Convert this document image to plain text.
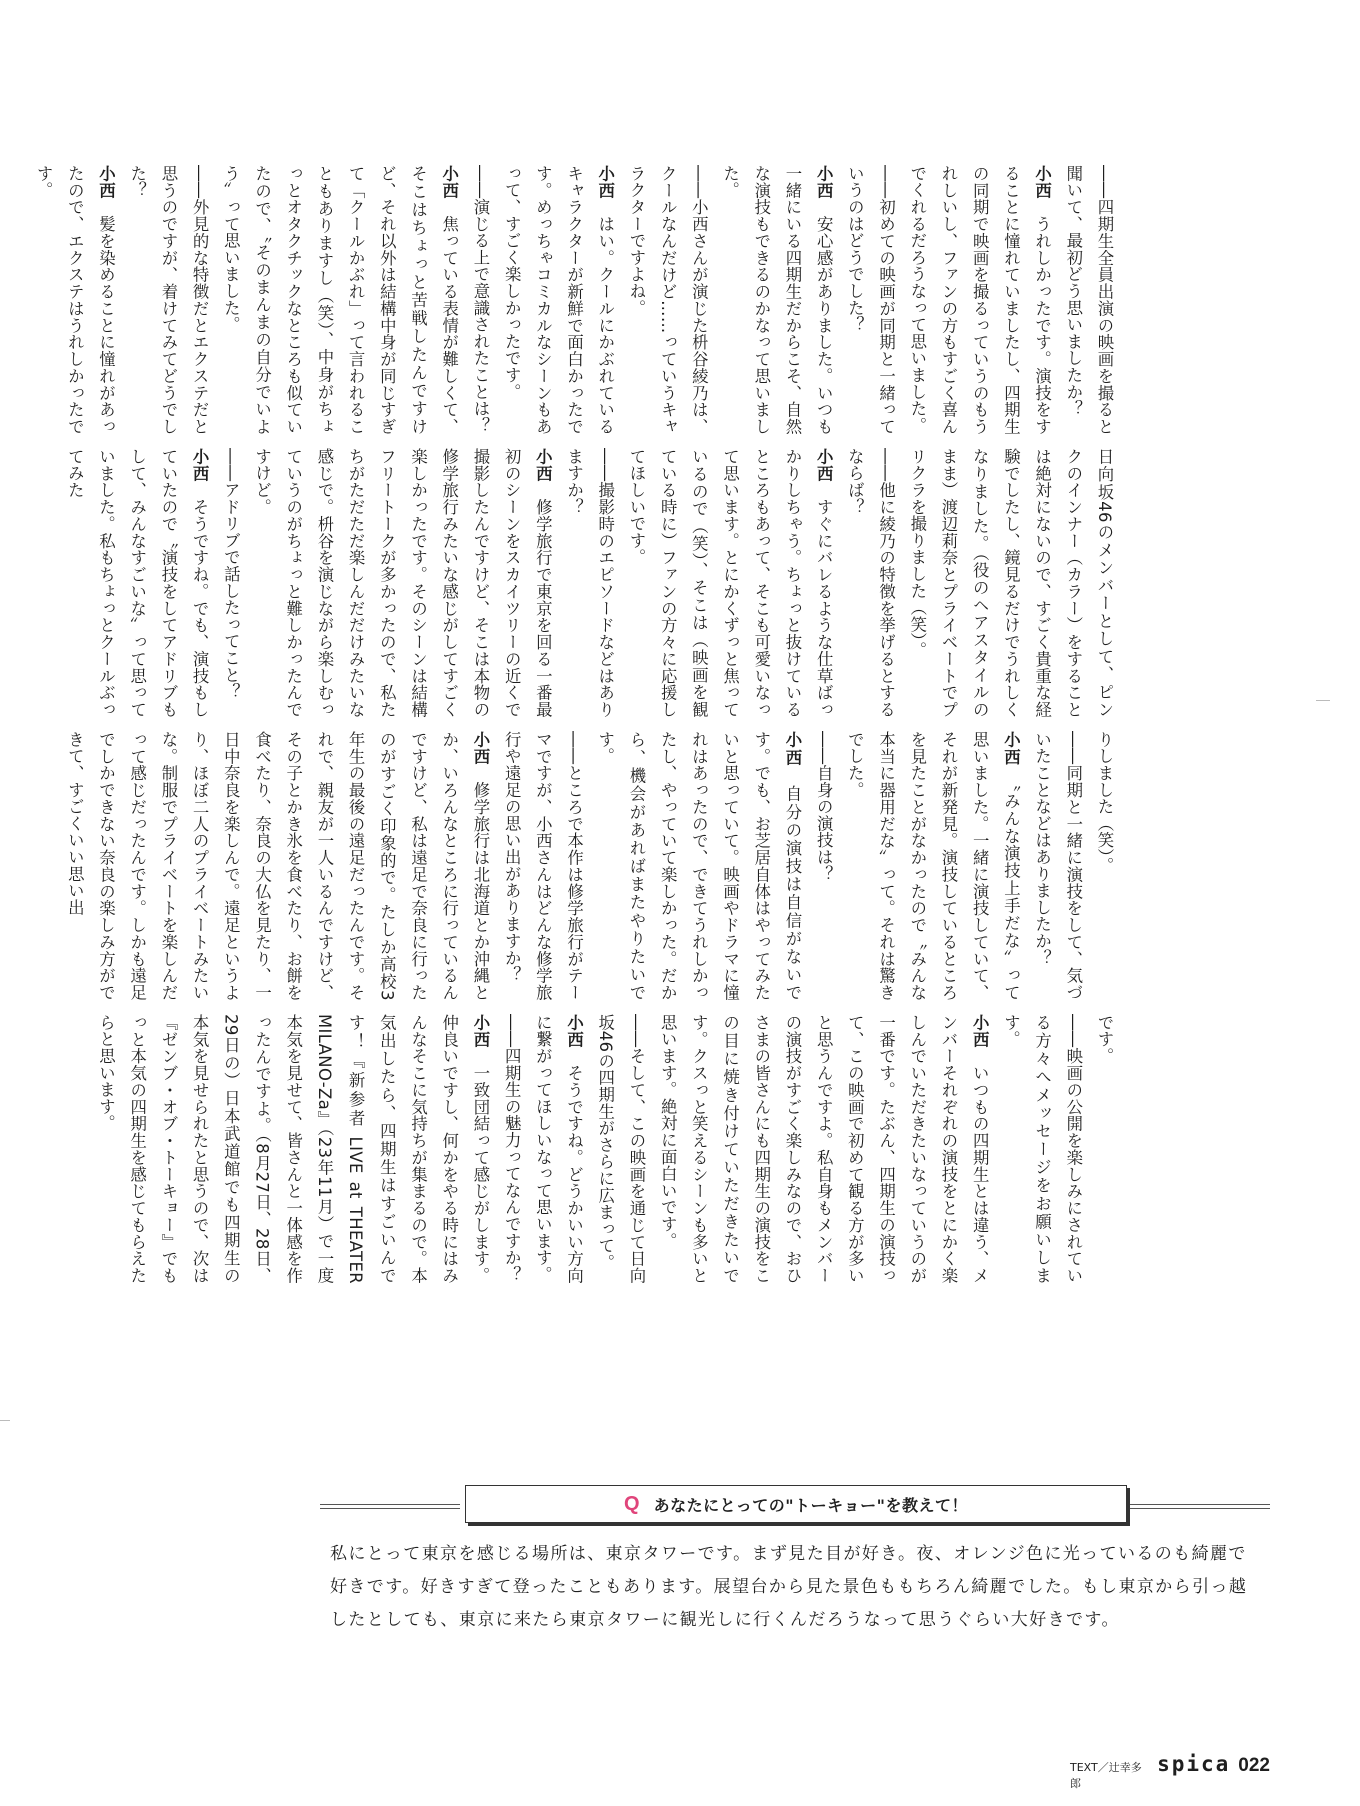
――四期生全員出演の映画を撮ると聞いて、最初どう思いましたか？

小西　うれしかったです。演技をすることに憧れていましたし、四期生の同期で映画を撮るっていうのもうれしいし、ファンの方もすごく喜んでくれるだろうなって思いました。

――初めての映画が同期と一緒っていうのはどうでした？

小西　安心感がありました。いつも一緒にいる四期生だからこそ、自然な演技もできるのかなって思いました。

――小西さんが演じた枡谷綾乃は、クールなんだけど……っていうキャラクターですよね。

小西　はい。クールにかぶれているキャラクターが新鮮で面白かったです。めっちゃコミカルなシーンもあって、すごく楽しかったです。

――演じる上で意識されたことは？

小西　焦っている表情が難しくて、そこはちょっと苦戦したんですけど、それ以外は結構中身が同じすぎて「クールかぶれ」って言われることもありますし（笑）、中身がちょっとオタクチックなところも似ていたので、〝そのまんまの自分でいよう〟って思いました。

――外見的な特徴だとエクステだと思うのですが、着けてみてどうでした？

小西　髪を染めることに憧れがあったので、エクステはうれしかったです。

日向坂46のメンバーとして、ピンクのインナー（カラー）をすることは絶対にないので、すごく貴重な経験でしたし、鏡見るだけでうれしくなりました。（役のヘアスタイルのまま）渡辺莉奈とプライベートでプリクラを撮りました（笑）。

――他に綾乃の特徴を挙げるとするならば？

小西　すぐにバレるような仕草ばっかりしちゃう。ちょっと抜けているところもあって、そこも可愛いなって思います。とにかくずっと焦っているので（笑）、そこは（映画を観ている時に）ファンの方々に応援してほしいです。

――撮影時のエピソードなどはありますか？

小西　修学旅行で東京を回る一番最初のシーンをスカイツリーの近くで撮影したんですけど、そこは本物の修学旅行みたいな感じがしてすごく楽しかったです。そのシーンは結構フリートークが多かったので、私たちがただただ楽しんだだけみたいな感じで。枡谷を演じながら楽しむっていうのがちょっと難しかったんですけど。

――アドリブで話したってこと？

小西　そうですね。でも、演技もしていたので〝演技をしてアドリブもして、みんなすごいな〟って思っていました。私もちょっとクールぶってみた

りしました（笑）。

――同期と一緒に演技をして、気づいたことなどはありましたか？

小西　〝みんな演技上手だな〟って思いました。一緒に演技していて、それが新発見。演技しているところを見たことがなかったので〝みんな本当に器用だな〟って。それは驚きでした。

――自身の演技は？

小西　自分の演技は自信がないです。でも、お芝居自体はやってみたいと思っていて。映画やドラマに憧れはあったので、できてうれしかったし、やっていて楽しかった。だから、機会があればまたやりたいです。

――ところで本作は修学旅行がテーマですが、小西さんはどんな修学旅行や遠足の思い出がありますか？

小西　修学旅行は北海道とか沖縄とか、いろんなところに行っているんですけど、私は遠足で奈良に行ったのがすごく印象的で。たしか高校3年生の最後の遠足だったんです。それで、親友が一人いるんですけど、その子とかき氷を食べたり、お餅を食べたり、奈良の大仏を見たり、一日中奈良を楽しんで。遠足というより、ほぼ二人のプライベートみたいな。制服でプライベートを楽しんだって感じだったんです。しかも遠足でしかできない奈良の楽しみ方ができて、すごくいい思い出

です。

――映画の公開を楽しみにされている方々へメッセージをお願いします。

小西　いつもの四期生とは違う、メンバーそれぞれの演技をとにかく楽しんでいただきたいなっていうのが一番です。たぶん、四期生の演技って、この映画で初めて観る方が多いと思うんですよ。私自身もメンバーの演技がすごく楽しみなので、おひさまの皆さんにも四期生の演技をこの目に焼き付けていただきたいです。クスっと笑えるシーンも多いと思います。絶対に面白いです。

――そして、この映画を通じて日向坂46の四期生がさらに広まって。

小西　そうですね。どうかいい方向に繋がってほしいなって思います。

――四期生の魅力ってなんですか？

小西　一致団結って感じがします。仲良いですし、何かをやる時にはみんなそこに気持ちが集まるので。本気出したら、四期生はすごいんです！『新参者 LIVE at THEATER MILANO-Za』（23年11月）で一度本気を見せて、皆さんと一体感を作ったんですよ。（8月27日、28日、29日の）日本武道館でも四期生の本気を見せられたと思うので、次は『ゼンブ・オブ・トーキョー』でもっと本気の四期生を感じてもらえたらと思います。

Q あなたにとっての"トーキョー"を教えて！

私にとって東京を感じる場所は、東京タワーです。まず見た目が好き。夜、オレンジ色に光っているのも綺麗で好きです。好きすぎて登ったこともあります。展望台から見た景色ももちろん綺麗でした。もし東京から引っ越したとしても、東京に来たら東京タワーに観光しに行くんだろうなって思うぐらい大好きです。

TEXT／辻幸多郎
spica 022
